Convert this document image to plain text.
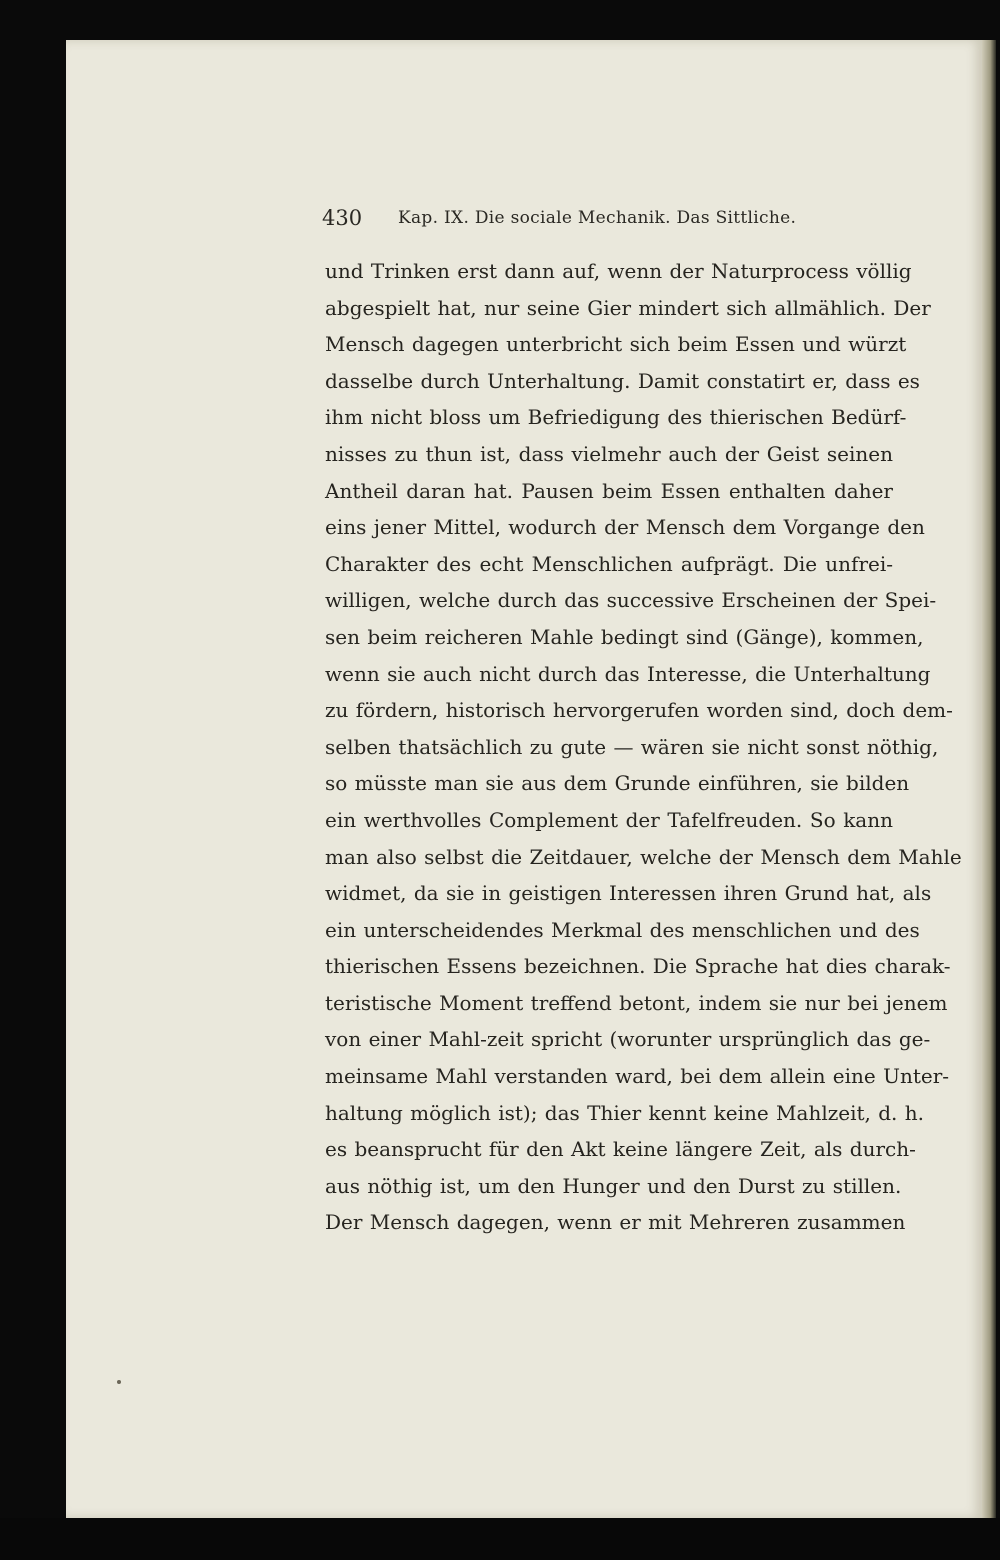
430 Kap. IX. Die sociale Mechanik. Das Sittliche.
und Trinken erst dann auf, wenn der Naturprocess völlig
abgespielt hat, nur seine Gier mindert sich allmählich. Der
Mensch dagegen unterbricht sich beim Essen und würzt
dasselbe durch Unterhaltung. Damit constatirt er, dass es
ihm nicht bloss um Befriedigung des thierischen Bedürf-
nisses zu thun ist, dass vielmehr auch der Geist seinen
Antheil daran hat. Pausen beim Essen enthalten daher
eins jener Mittel, wodurch der Mensch dem Vorgange den
Charakter des echt Menschlichen aufprägt. Die unfrei-
willigen, welche durch das successive Erscheinen der Spei-
sen beim reicheren Mahle bedingt sind (Gänge), kommen,
wenn sie auch nicht durch das Interesse, die Unterhaltung
zu fördern, historisch hervorgerufen worden sind, doch dem-
selben thatsächlich zu gute — wären sie nicht sonst nöthig,
so müsste man sie aus dem Grunde einführen, sie bilden
ein werthvolles Complement der Tafelfreuden. So kann
man also selbst die Zeitdauer, welche der Mensch dem Mahle
widmet, da sie in geistigen Interessen ihren Grund hat, als
ein unterscheidendes Merkmal des menschlichen und des
thierischen Essens bezeichnen. Die Sprache hat dies charak-
teristische Moment treffend betont, indem sie nur bei jenem
von einer Mahl-zeit spricht (worunter ursprünglich das ge-
meinsame Mahl verstanden ward, bei dem allein eine Unter-
haltung möglich ist); das Thier kennt keine Mahlzeit, d. h.
es beansprucht für den Akt keine längere Zeit, als durch-
aus nöthig ist, um den Hunger und den Durst zu stillen.
Der Mensch dagegen, wenn er mit Mehreren zusammen
